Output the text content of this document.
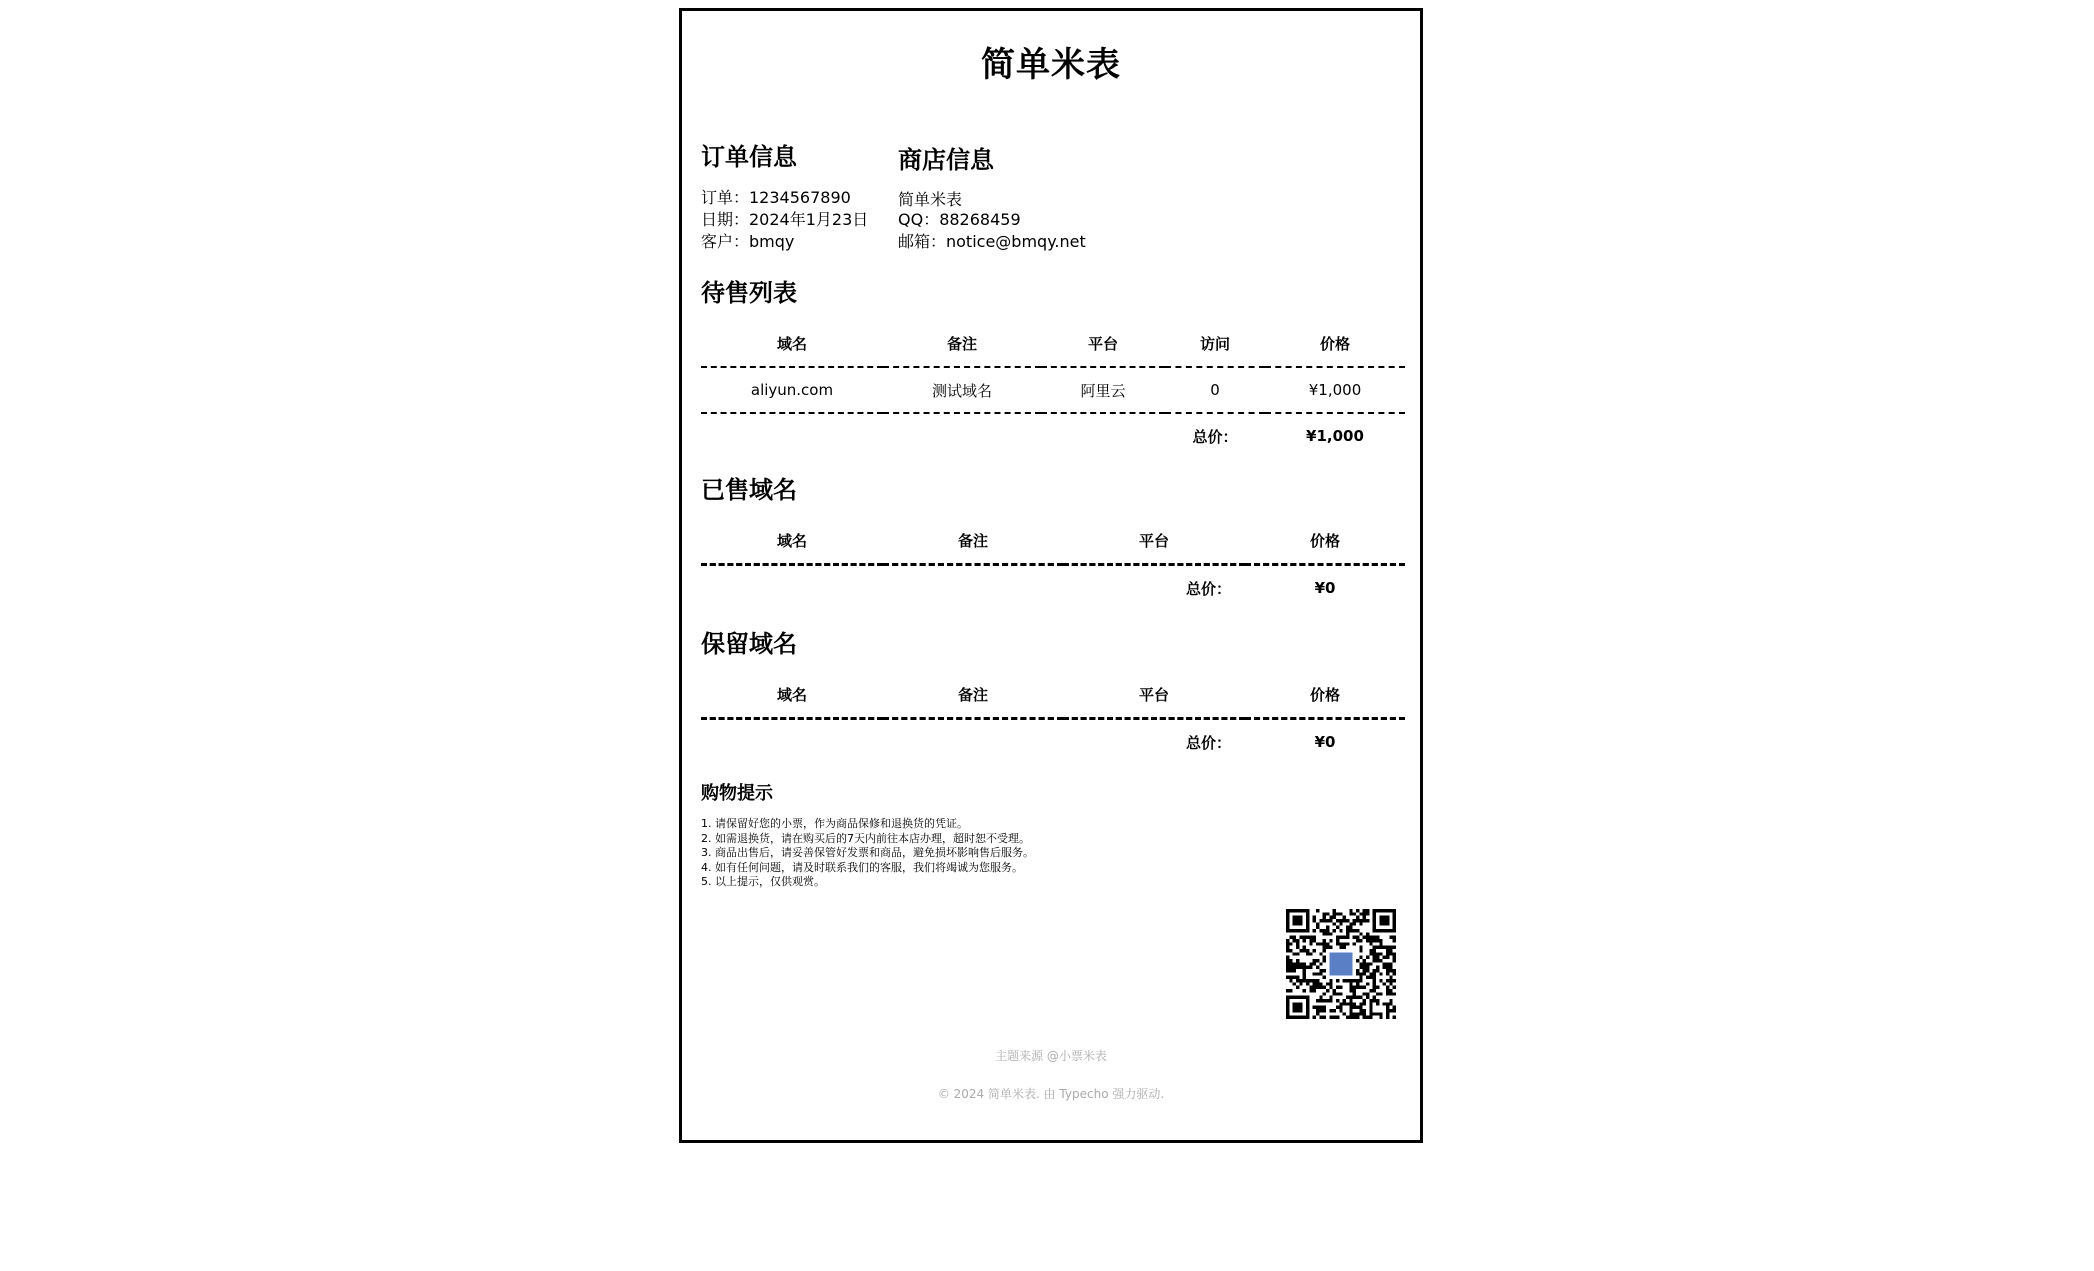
简单米表
订单信息
订单：1234567890
日期：2024年1月23日
客户：bmqy
商店信息
简单米表
QQ：88268459
邮箱：notice@bmqy.net
待售列表
域名	备注	平台	访问	价格
aliyun.com	测试域名	阿里云	0	¥1,000
			总价：	¥1,000
已售域名
域名	备注	平台	价格
		总价：	¥0
保留域名
域名	备注	平台	价格
		总价：	¥0
购物提示
1. 请保留好您的小票，作为商品保修和退换货的凭证。
2. 如需退换货，请在购买后的7天内前往本店办理，超时恕不受理。
3. 商品出售后，请妥善保管好发票和商品，避免损坏影响售后服务。
4. 如有任何问题，请及时联系我们的客服，我们将竭诚为您服务。
5. 以上提示，仅供观赏。
主题来源 @小票米表
© 2024 简单米表. 由 Typecho 强力驱动.
